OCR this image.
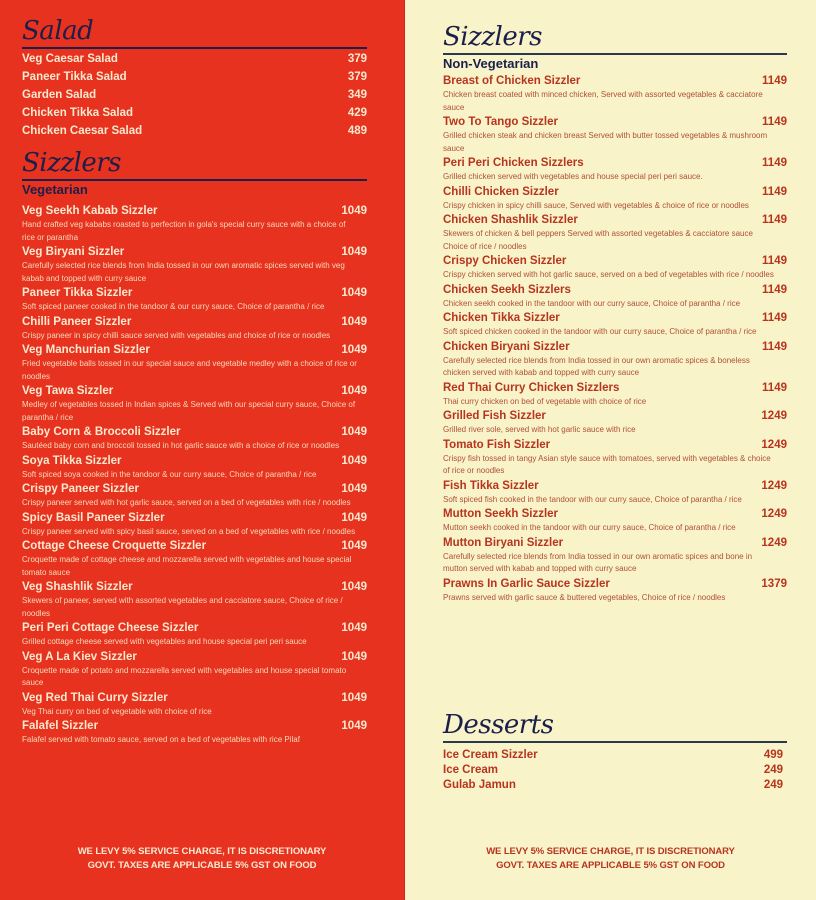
Salad
Veg Caesar Salad	379
Paneer Tikka Salad	379
Garden Salad	349
Chicken Tikka Salad	429
Chicken Caesar Salad	489
Sizzlers
Vegetarian
Veg Seekh Kabab Sizzler	1049
Hand crafted veg kababs roasted to perfection in gola's special curry sauce with a choice of rice or parantha
Veg Biryani Sizzler	1049
Carefully selected rice blends from India tossed in our own aromatic spices served with veg kabab and topped with curry sauce
Paneer Tikka Sizzler	1049
Soft spiced paneer cooked in the tandoor & our curry sauce, Choice of parantha / rice
Chilli Paneer Sizzler	1049
Crispy paneer in spicy chilli sauce served with vegetables and choice of rice or noodles
Veg Manchurian Sizzler	1049
Fried vegetable balls tossed in our special sauce and vegetable medley with a choice of rice or noodles
Veg Tawa Sizzler	1049
Medley of vegetables tossed in Indian spices & Served with our special curry sauce, Choice of parantha / rice
Baby Corn & Broccoli Sizzler	1049
Sautéed baby corn and broccoli tossed in hot garlic sauce with a choice of rice or noodles
Soya Tikka Sizzler	1049
Soft spiced soya cooked in the tandoor & our curry sauce, Choice of parantha / rice
Crispy Paneer Sizzler	1049
Crispy paneer served with hot garlic sauce, served on a bed of vegetables with rice / noodles
Spicy Basil Paneer Sizzler	1049
Crispy paneer served with spicy basil sauce, served on a bed of vegetables with rice / noodles
Cottage Cheese Croquette Sizzler	1049
Croquette made of cottage cheese and mozzarella served with vegetables and house special tomato sauce
Veg Shashlik Sizzler	1049
Skewers of paneer, served with assorted vegetables and cacciatore sauce, Choice of rice / noodles
Peri Peri Cottage Cheese Sizzler	1049
Grilled cottage cheese served with vegetables and house special peri peri sauce
Veg A La Kiev Sizzler	1049
Croquette made of potato and mozzarella served with vegetables and house special tomato sauce
Veg Red Thai Curry Sizzler	1049
Veg Thai curry on bed of vegetable with choice of rice
Falafel Sizzler	1049
Falafel served with tomato sauce, served on a bed of vegetables with rice Pilaf
WE LEVY 5% SERVICE CHARGE, IT IS DISCRETIONARY
GOVT. TAXES ARE APPLICABLE 5% GST ON FOOD
Sizzlers
Non-Vegetarian
Breast of Chicken Sizzler	1149
Chicken breast coated with minced chicken, Served with assorted vegetables & cacciatore sauce
Two To Tango Sizzler	1149
Grilled chicken steak and chicken breast Served with butter tossed vegetables & mushroom sauce
Peri Peri Chicken Sizzlers	1149
Grilled chicken served with vegetables and house special peri peri sauce.
Chilli Chicken Sizzler	1149
Crispy chicken in spicy chilli sauce, Served with vegetables & choice of rice or noodles
Chicken Shashlik Sizzler	1149
Skewers of chicken & bell peppers Served with assorted vegetables & cacciatore sauce Choice of rice / noodles
Crispy Chicken Sizzler	1149
Crispy chicken served with hot garlic sauce, served on a bed of vegetables with rice / noodles
Chicken Seekh Sizzlers	1149
Chicken seekh cooked in the tandoor with our curry sauce, Choice of parantha / rice
Chicken Tikka Sizzler	1149
Soft spiced chicken cooked in the tandoor with our curry sauce, Choice of parantha / rice
Chicken Biryani Sizzler	1149
Carefully selected rice blends from India tossed in our own aromatic spices & boneless chicken served with kabab and topped with curry sauce
Red Thai Curry Chicken Sizzlers	1149
Thai curry chicken on bed of vegetable with choice of rice
Grilled Fish Sizzler	1249
Grilled river sole, served with hot garlic sauce with rice
Tomato Fish Sizzler	1249
Crispy fish tossed in tangy Asian style sauce with tomatoes, served with vegetables & choice of rice or noodles
Fish Tikka Sizzler	1249
Soft spiced fish cooked in the tandoor with our curry sauce, Choice of parantha / rice
Mutton Seekh Sizzler	1249
Mutton seekh cooked in the tandoor with our curry sauce, Choice of parantha / rice
Mutton Biryani Sizzler	1249
Carefully selected rice blends from India tossed in our own aromatic spices and bone in mutton served with kabab and topped with curry sauce
Prawns In Garlic Sauce Sizzler	1379
Prawns served with garlic sauce & buttered vegetables, Choice of rice / noodles
Desserts
Ice Cream Sizzler	499
Ice Cream	249
Gulab Jamun	249
WE LEVY 5% SERVICE CHARGE, IT IS DISCRETIONARY
GOVT. TAXES ARE APPLICABLE 5% GST ON FOOD
